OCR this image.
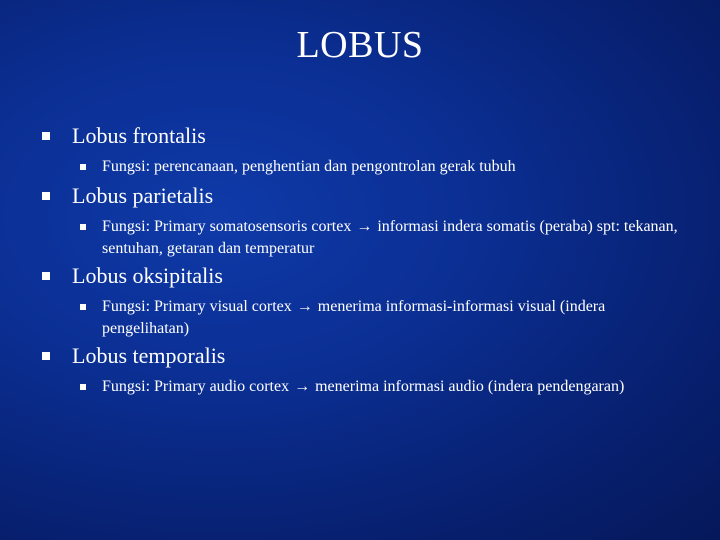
LOBUS
Lobus frontalis
Fungsi: perencanaan, penghentian dan pengontrolan gerak tubuh
Lobus parietalis
Fungsi: Primary somatosensoris cortex → informasi indera somatis (peraba) spt: tekanan, sentuhan, getaran dan temperatur
Lobus oksipitalis
Fungsi: Primary visual cortex → menerima informasi-informasi visual (indera pengelihatan)
Lobus temporalis
Fungsi: Primary audio cortex → menerima informasi audio (indera pendengaran)
